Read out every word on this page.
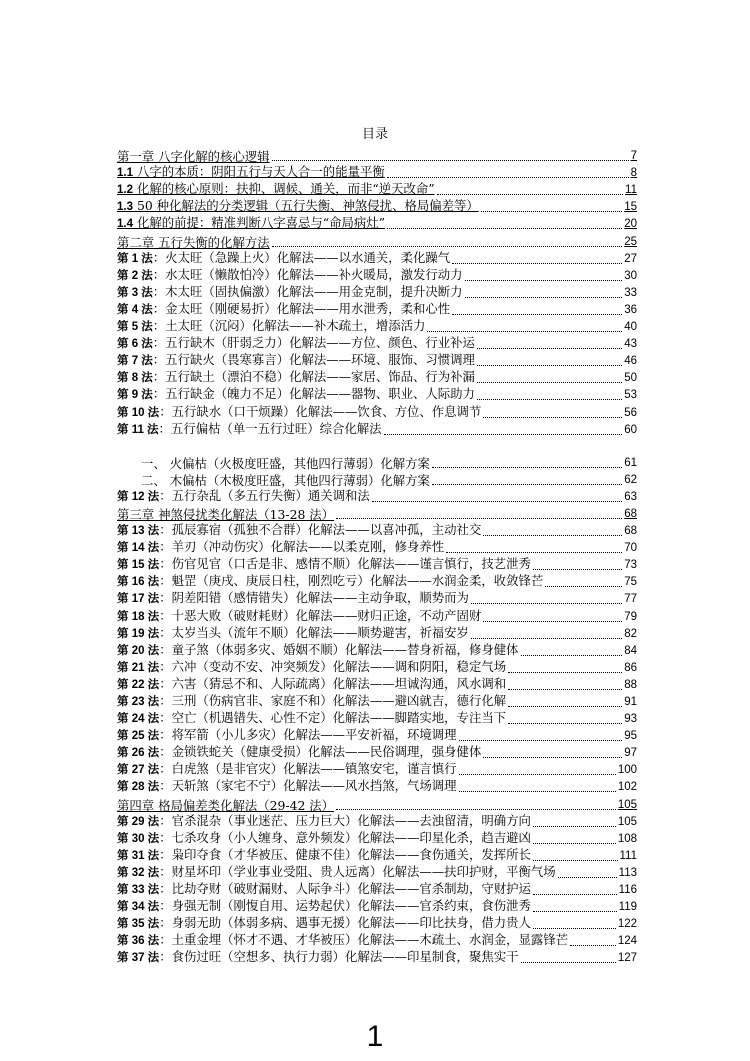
目录
第一章 八字化解的核心逻辑	7
1.1 八字的本质：阴阳五行与天人合一的能量平衡	8
1.2 化解的核心原则：扶抑、调候、通关，而非“逆天改命”	11
1.3 50 种化解法的分类逻辑（五行失衡、神煞侵扰、格局偏差等）	15
1.4 化解的前提：精准判断八字喜忌与“命局病灶”	20
第二章 五行失衡的化解方法	25
第 1 法：火太旺（急躁上火）化解法——以水通关，柔化躁气	27
第 2 法：水太旺（懒散怕冷）化解法——补火暖局，激发行动力	30
第 3 法：木太旺（固执偏激）化解法——用金克制，提升决断力	33
第 4 法：金太旺（刚硬易折）化解法——用水泄秀，柔和心性	36
第 5 法：土太旺（沉闷）化解法——补木疏土，增添活力	40
第 6 法：五行缺木（肝弱乏力）化解法——方位、颜色、行业补运	43
第 7 法：五行缺火（畏寒寡言）化解法——环境、服饰、习惯调理	46
第 8 法：五行缺土（漂泊不稳）化解法——家居、饰品、行为补漏	50
第 9 法：五行缺金（魄力不足）化解法——器物、职业、人际助力	53
第 10 法：五行缺水（口干烦躁）化解法——饮食、方位、作息调节	56
第 11 法：五行偏枯（单一五行过旺）综合化解法	60
一、 火偏枯（火极度旺盛，其他四行薄弱）化解方案	61
二、 木偏枯（木极度旺盛，其他四行薄弱）化解方案	62
第 12 法：五行杂乱（多五行失衡）通关调和法	63
第三章 神煞侵扰类化解法（13-28 法）	68
第 13 法：孤辰寡宿（孤独不合群）化解法——以喜冲孤，主动社交	68
第 14 法：羊刃（冲动伤灾）化解法——以柔克刚，修身养性	70
第 15 法：伤官见官（口舌是非、感情不顺）化解法——谨言慎行，技艺泄秀	73
第 16 法：魁罡（庚戌、庚辰日柱，刚烈吃亏）化解法——水润金柔，收敛锋芒	75
第 17 法：阴差阳错（感情错失）化解法——主动争取，顺势而为	77
第 18 法：十恶大败（破财耗财）化解法——财归正途，不动产固财	79
第 19 法：太岁当头（流年不顺）化解法——顺势避害，祈福安岁	82
第 20 法：童子煞（体弱多灾、婚姻不顺）化解法——替身祈福，修身健体	84
第 21 法：六冲（变动不安、冲突频发）化解法——调和阴阳，稳定气场	86
第 22 法：六害（猜忌不和、人际疏离）化解法——坦诚沟通，风水调和	88
第 23 法：三刑（伤病官非、家庭不和）化解法——避凶就吉，德行化解	91
第 24 法：空亡（机遇错失、心性不定）化解法——脚踏实地，专注当下	93
第 25 法：将军箭（小儿多灾）化解法——平安祈福，环境调理	95
第 26 法：金锁铁蛇关（健康受损）化解法——民俗调理，强身健体	97
第 27 法：白虎煞（是非官灾）化解法——镇煞安宅，谨言慎行	100
第 28 法：天斩煞（家宅不宁）化解法——风水挡煞，气场调理	102
第四章 格局偏差类化解法（29-42 法）	105
第 29 法：官杀混杂（事业迷茫、压力巨大）化解法——去浊留清，明确方向	105
第 30 法：七杀攻身（小人缠身、意外频发）化解法——印星化杀，趋吉避凶	108
第 31 法：枭印夺食（才华被压、健康不佳）化解法——食伤通关，发挥所长	111
第 32 法：财星坏印（学业事业受阻、贵人远离）化解法——扶印护财，平衡气场	113
第 33 法：比劫夺财（破财漏财、人际争斗）化解法——官杀制劫，守财护运	116
第 34 法：身强无制（刚愎自用、运势起伏）化解法——官杀约束，食伤泄秀	119
第 35 法：身弱无助（体弱多病、遇事无援）化解法——印比扶身，借力贵人	122
第 36 法：土重金埋（怀才不遇、才华被压）化解法——木疏土、水润金，显露锋芒	124
第 37 法：食伤过旺（空想多、执行力弱）化解法——印星制食，聚焦实干	127
1
